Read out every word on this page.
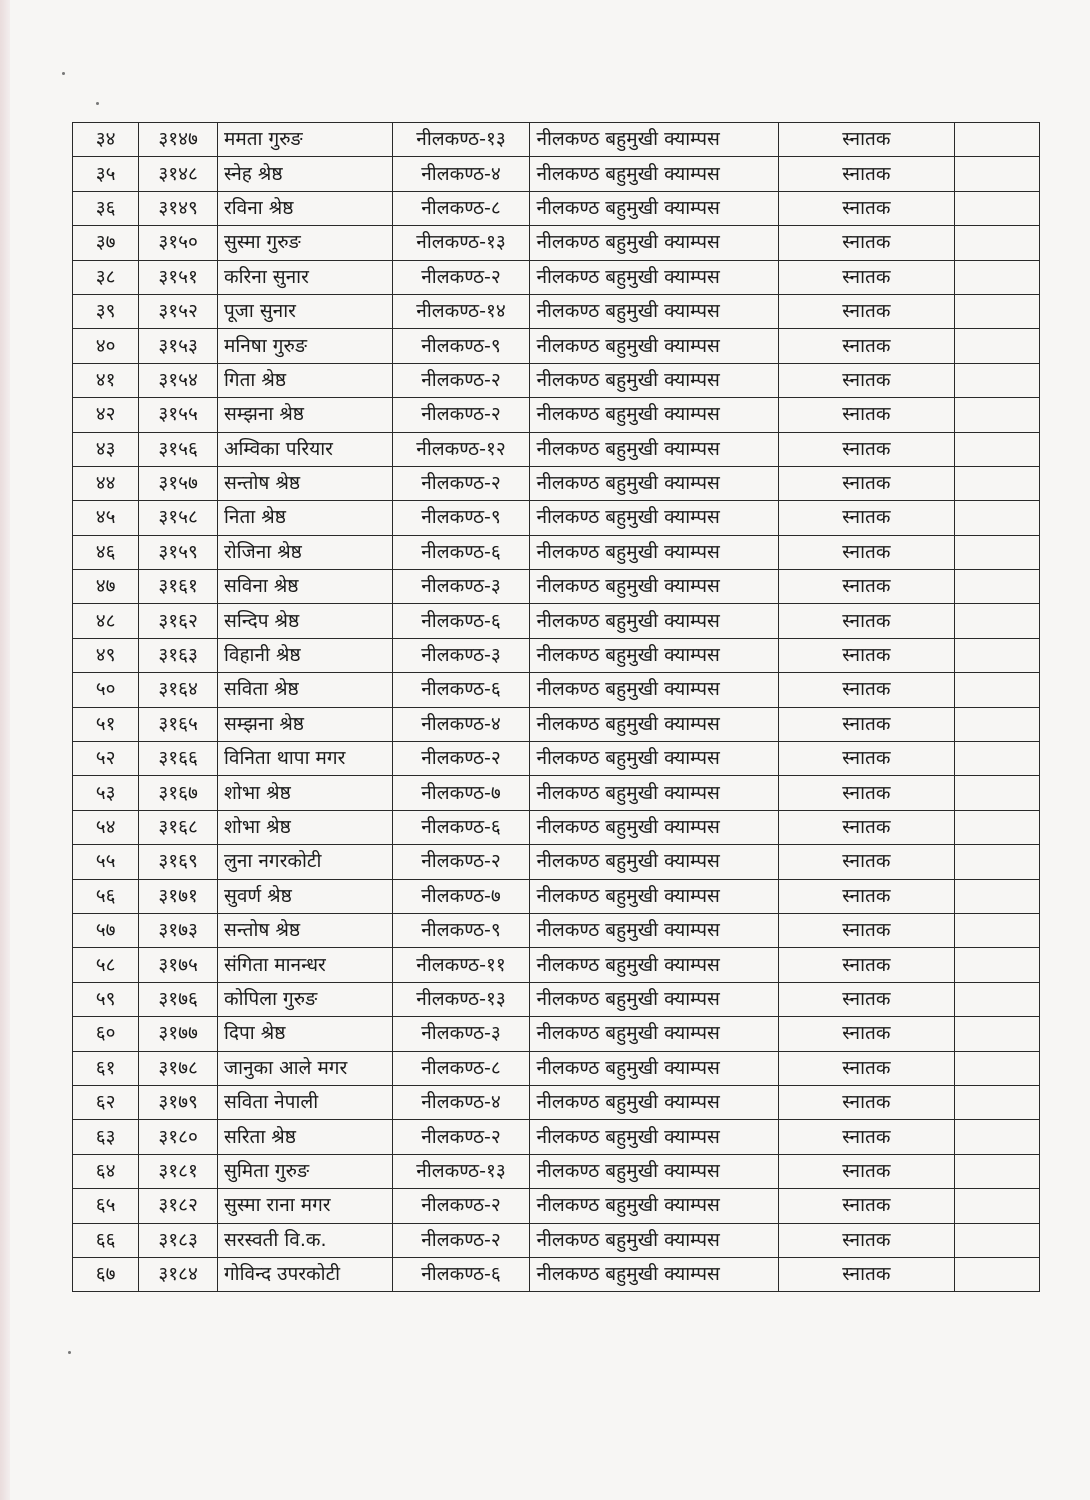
३४	३१४७	ममता गुरुङ	नीलकण्ठ-१३	नीलकण्ठ बहुमुखी क्याम्पस	स्नातक	
३५	३१४८	स्नेह श्रेष्ठ	नीलकण्ठ-४	नीलकण्ठ बहुमुखी क्याम्पस	स्नातक	
३६	३१४९	रविना श्रेष्ठ	नीलकण्ठ-८	नीलकण्ठ बहुमुखी क्याम्पस	स्नातक	
३७	३१५०	सुस्मा गुरुङ	नीलकण्ठ-१३	नीलकण्ठ बहुमुखी क्याम्पस	स्नातक	
३८	३१५१	करिना सुनार	नीलकण्ठ-२	नीलकण्ठ बहुमुखी क्याम्पस	स्नातक	
३९	३१५२	पूजा सुनार	नीलकण्ठ-१४	नीलकण्ठ बहुमुखी क्याम्पस	स्नातक	
४०	३१५३	मनिषा गुरुङ	नीलकण्ठ-९	नीलकण्ठ बहुमुखी क्याम्पस	स्नातक	
४१	३१५४	गिता श्रेष्ठ	नीलकण्ठ-२	नीलकण्ठ बहुमुखी क्याम्पस	स्नातक	
४२	३१५५	सम्झना श्रेष्ठ	नीलकण्ठ-२	नीलकण्ठ बहुमुखी क्याम्पस	स्नातक	
४३	३१५६	अम्विका परियार	नीलकण्ठ-१२	नीलकण्ठ बहुमुखी क्याम्पस	स्नातक	
४४	३१५७	सन्तोष श्रेष्ठ	नीलकण्ठ-२	नीलकण्ठ बहुमुखी क्याम्पस	स्नातक	
४५	३१५८	निता श्रेष्ठ	नीलकण्ठ-९	नीलकण्ठ बहुमुखी क्याम्पस	स्नातक	
४६	३१५९	रोजिना श्रेष्ठ	नीलकण्ठ-६	नीलकण्ठ बहुमुखी क्याम्पस	स्नातक	
४७	३१६१	सविना श्रेष्ठ	नीलकण्ठ-३	नीलकण्ठ बहुमुखी क्याम्पस	स्नातक	
४८	३१६२	सन्दिप श्रेष्ठ	नीलकण्ठ-६	नीलकण्ठ बहुमुखी क्याम्पस	स्नातक	
४९	३१६३	विहानी श्रेष्ठ	नीलकण्ठ-३	नीलकण्ठ बहुमुखी क्याम्पस	स्नातक	
५०	३१६४	सविता श्रेष्ठ	नीलकण्ठ-६	नीलकण्ठ बहुमुखी क्याम्पस	स्नातक	
५१	३१६५	सम्झना श्रेष्ठ	नीलकण्ठ-४	नीलकण्ठ बहुमुखी क्याम्पस	स्नातक	
५२	३१६६	विनिता थापा मगर	नीलकण्ठ-२	नीलकण्ठ बहुमुखी क्याम्पस	स्नातक	
५३	३१६७	शोभा श्रेष्ठ	नीलकण्ठ-७	नीलकण्ठ बहुमुखी क्याम्पस	स्नातक	
५४	३१६८	शोभा श्रेष्ठ	नीलकण्ठ-६	नीलकण्ठ बहुमुखी क्याम्पस	स्नातक	
५५	३१६९	लुना नगरकोटी	नीलकण्ठ-२	नीलकण्ठ बहुमुखी क्याम्पस	स्नातक	
५६	३१७१	सुवर्ण श्रेष्ठ	नीलकण्ठ-७	नीलकण्ठ बहुमुखी क्याम्पस	स्नातक	
५७	३१७३	सन्तोष श्रेष्ठ	नीलकण्ठ-९	नीलकण्ठ बहुमुखी क्याम्पस	स्नातक	
५८	३१७५	संगिता मानन्धर	नीलकण्ठ-११	नीलकण्ठ बहुमुखी क्याम्पस	स्नातक	
५९	३१७६	कोपिला गुरुङ	नीलकण्ठ-१३	नीलकण्ठ बहुमुखी क्याम्पस	स्नातक	
६०	३१७७	दिपा श्रेष्ठ	नीलकण्ठ-३	नीलकण्ठ बहुमुखी क्याम्पस	स्नातक	
६१	३१७८	जानुका आले मगर	नीलकण्ठ-८	नीलकण्ठ बहुमुखी क्याम्पस	स्नातक	
६२	३१७९	सविता नेपाली	नीलकण्ठ-४	नीलकण्ठ बहुमुखी क्याम्पस	स्नातक	
६३	३१८०	सरिता श्रेष्ठ	नीलकण्ठ-२	नीलकण्ठ बहुमुखी क्याम्पस	स्नातक	
६४	३१८१	सुमिता गुरुङ	नीलकण्ठ-१३	नीलकण्ठ बहुमुखी क्याम्पस	स्नातक	
६५	३१८२	सुस्मा राना मगर	नीलकण्ठ-२	नीलकण्ठ बहुमुखी क्याम्पस	स्नातक	
६६	३१८३	सरस्वती वि.क.	नीलकण्ठ-२	नीलकण्ठ बहुमुखी क्याम्पस	स्नातक	
६७	३१८४	गोविन्द उपरकोटी	नीलकण्ठ-६	नीलकण्ठ बहुमुखी क्याम्पस	स्नातक	
